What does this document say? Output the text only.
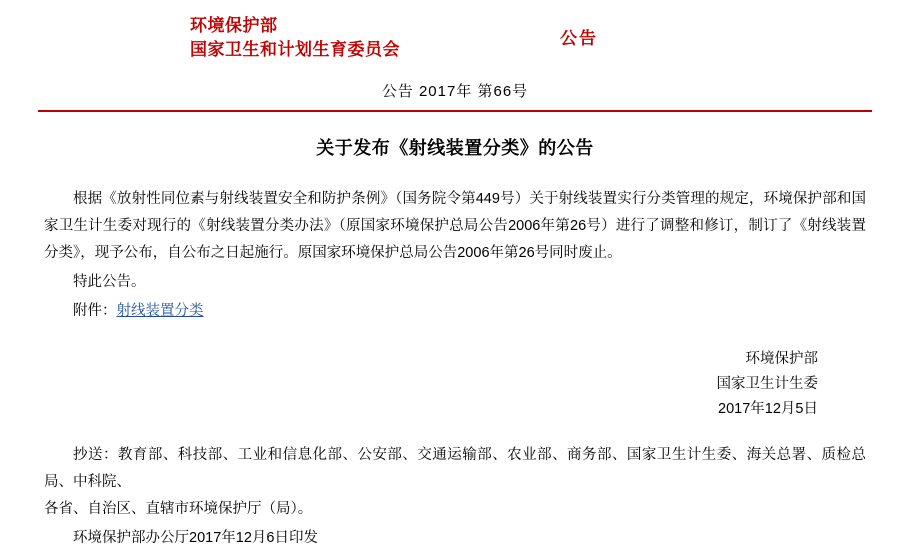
环境保护部
国家卫生和计划生育委员会
公告
公告 2017年 第66号
关于发布《射线装置分类》的公告

根据《放射性同位素与射线装置安全和防护条例》（国务院令第449号）关于射线装置实行分类管理的规定，环境保护部和国家卫生计生委对现行的《射线装置分类办法》（原国家环境保护总局公告2006年第26号）进行了调整和修订，制订了《射线装置分类》，现予公布，自公布之日起施行。原国家环境保护总局公告2006年第26号同时废止。

特此公告。

附件：射线装置分类
环境保护部
国家卫生计生委
2017年12月5日
抄送：教育部、科技部、工业和信息化部、公安部、交通运输部、农业部、商务部、国家卫生计生委、海关总署、质检总局、中科院、
各省、自治区、直辖市环境保护厅（局）。
环境保护部办公厅2017年12月6日印发
